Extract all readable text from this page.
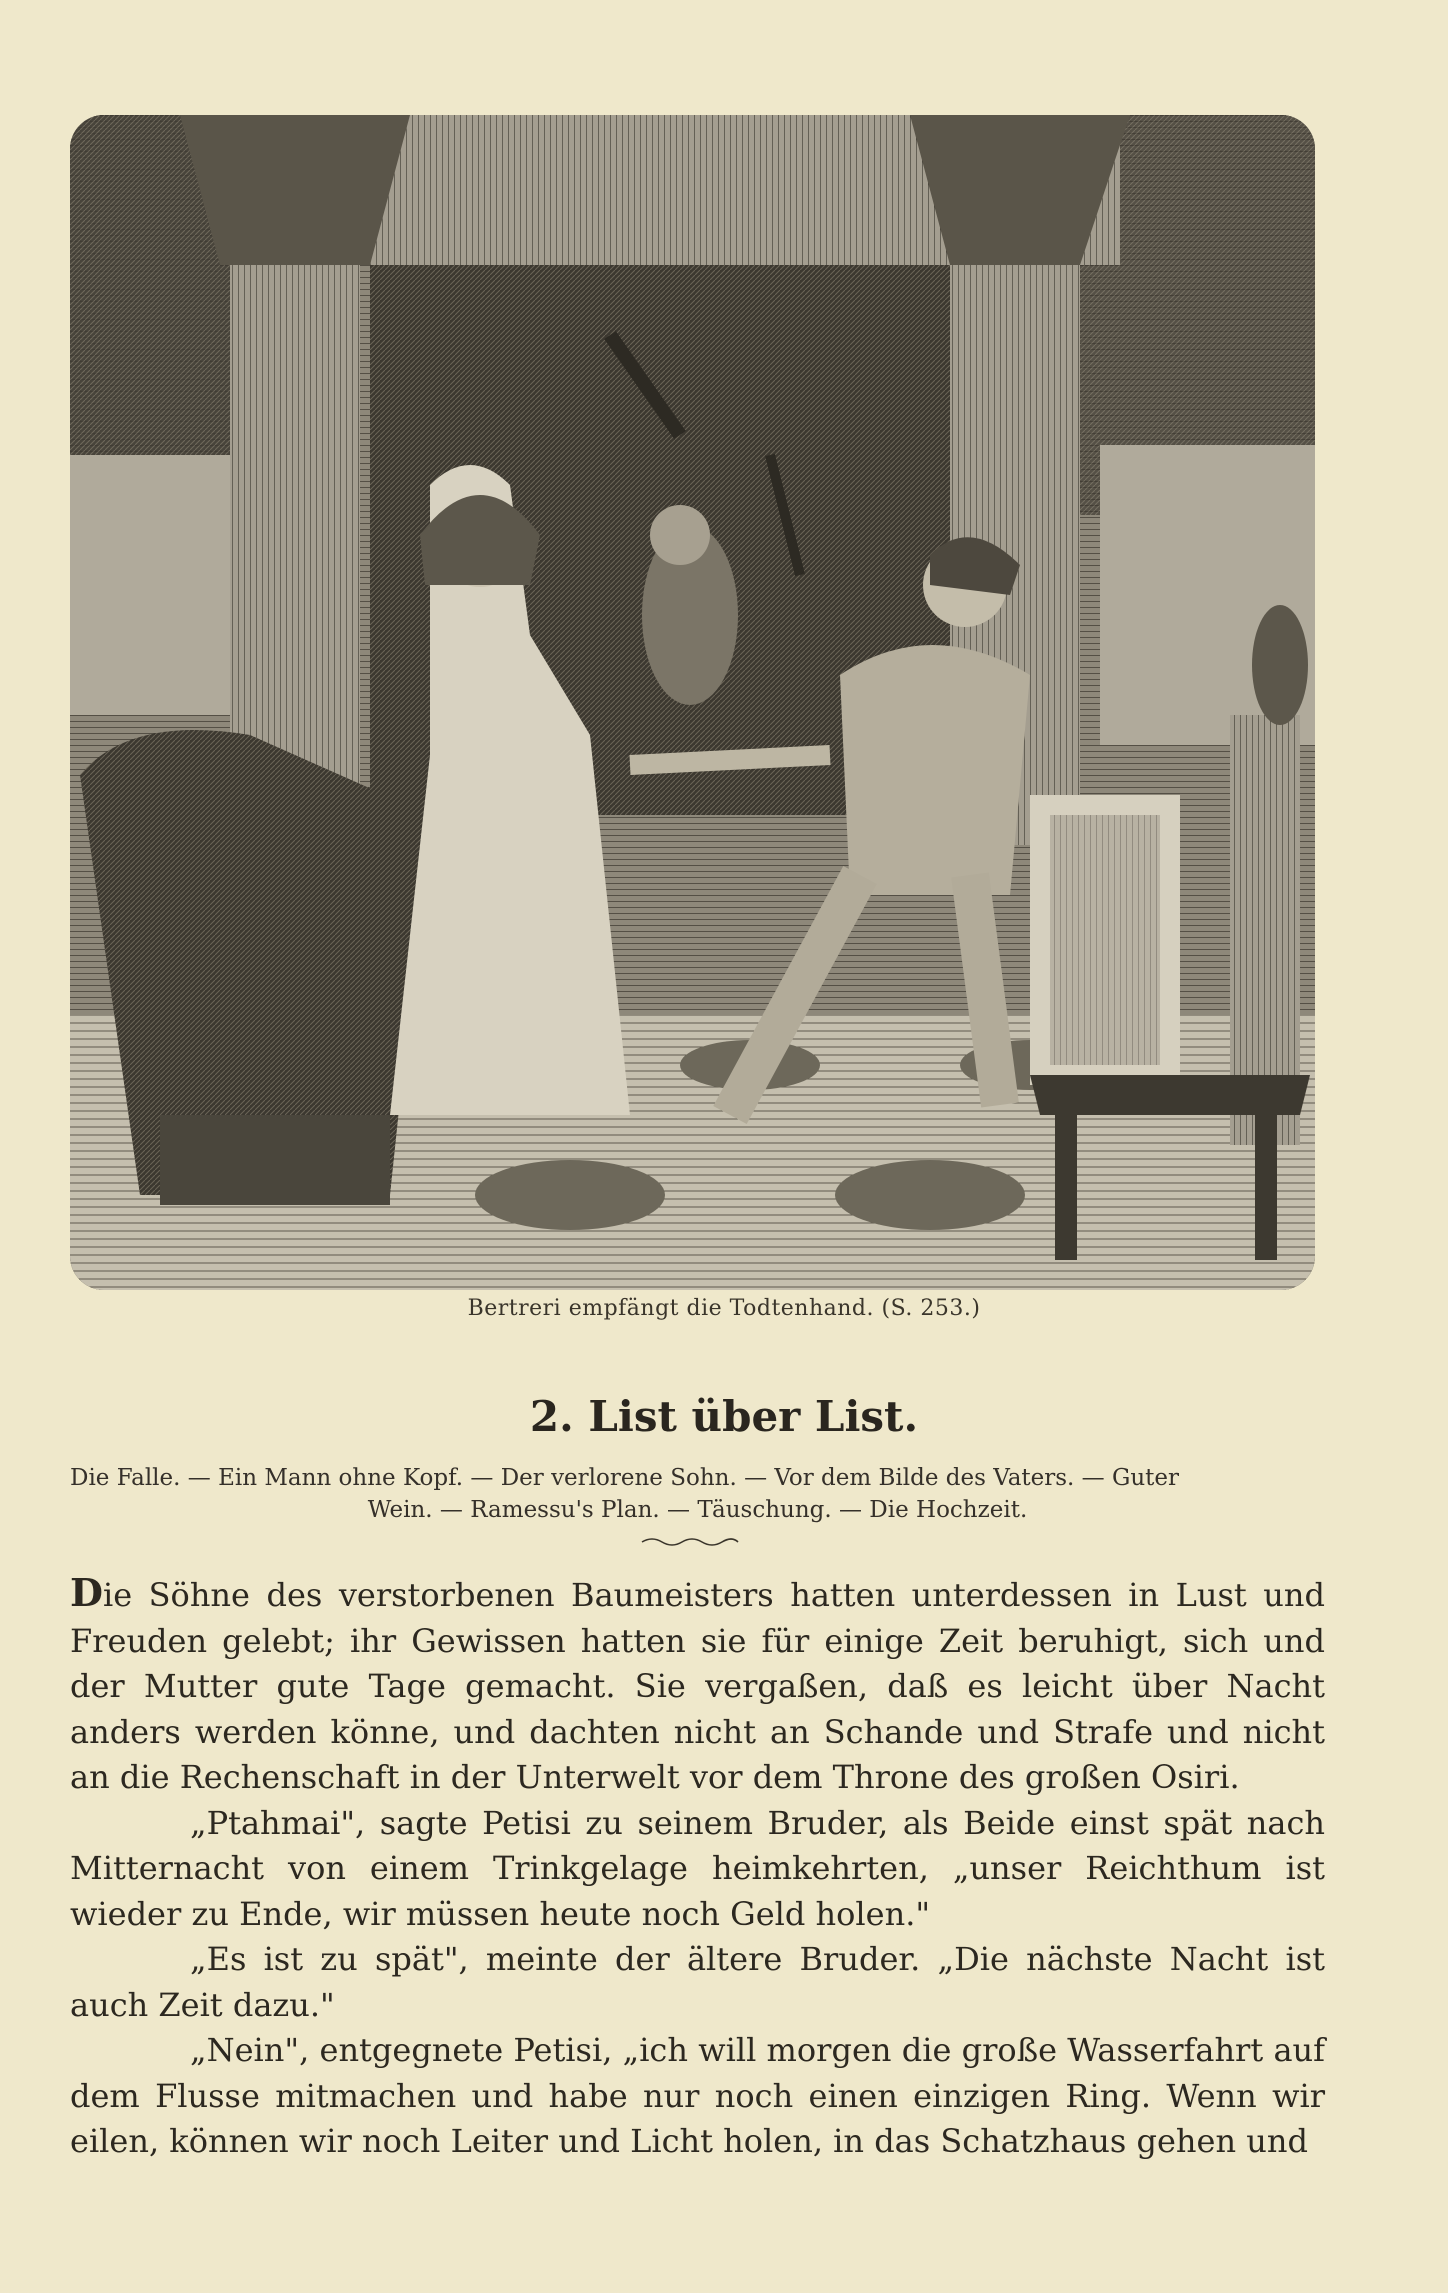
Bertreri empfängt die Todtenhand. (S. 253.)
2. List über List.
Die Falle. — Ein Mann ohne Kopf. — Der verlorene Sohn. — Vor dem Bilde des Vaters. — Guter
Wein. — Ramessu's Plan. — Täuschung. — Die Hochzeit.

Die Söhne des verstorbenen Baumeisters hatten unterdessen in Lust und Freuden gelebt; ihr Gewissen hatten sie für einige Zeit beruhigt, sich und der Mutter gute Tage gemacht. Sie vergaßen, daß es leicht über Nacht anders werden könne, und dachten nicht an Schande und Strafe und nicht an die Rechenschaft in der Unterwelt vor dem Throne des großen Osiri.

„Ptahmai", sagte Petisi zu seinem Bruder, als Beide einst spät nach Mitternacht von einem Trinkgelage heimkehrten, „unser Reichthum ist wieder zu Ende, wir müssen heute noch Geld holen."

„Es ist zu spät", meinte der ältere Bruder. „Die nächste Nacht ist auch Zeit dazu."

„Nein", entgegnete Petisi, „ich will morgen die große Wasserfahrt auf dem Flusse mitmachen und habe nur noch einen einzigen Ring. Wenn wir eilen, können wir noch Leiter und Licht holen, in das Schatzhaus gehen und
